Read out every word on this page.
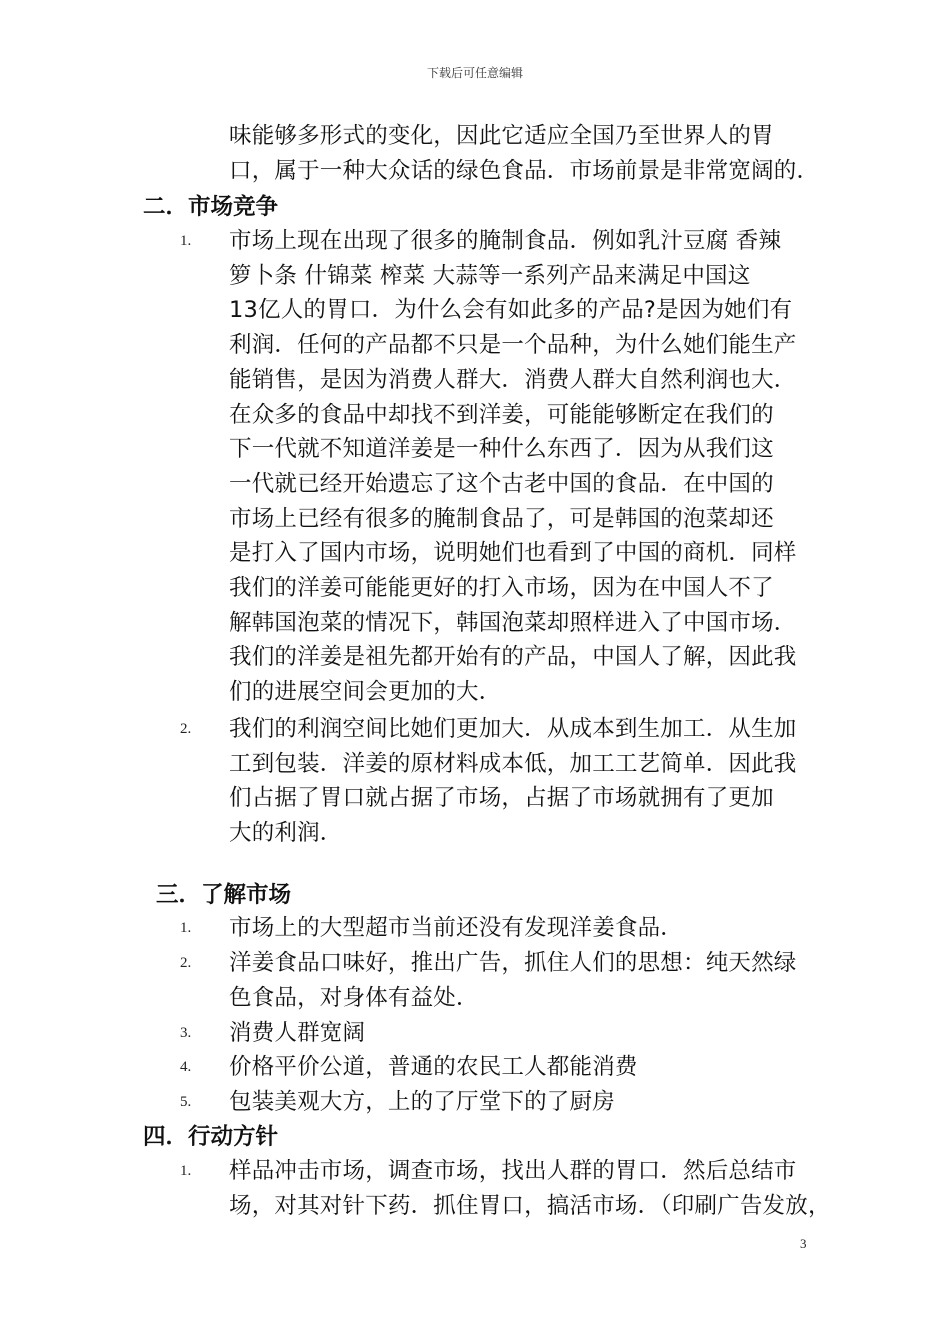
下载后可任意编辑
味能够多形式的变化，因此它适应全国乃至世界人的胃
口，属于一种大众话的绿色食品．市场前景是非常宽阔的．
二．市场竞争
1. 市场上现在出现了很多的腌制食品．例如乳汁豆腐 香辣
箩卜条 什锦菜 榨菜 大蒜等一系列产品来满足中国这
13亿人的胃口．为什么会有如此多的产品?是因为她们有
利润．任何的产品都不只是一个品种，为什么她们能生产
能销售，是因为消费人群大．消费人群大自然利润也大．
在众多的食品中却找不到洋姜，可能能够断定在我们的
下一代就不知道洋姜是一种什么东西了．因为从我们这
一代就已经开始遗忘了这个古老中国的食品．在中国的
市场上已经有很多的腌制食品了，可是韩国的泡菜却还
是打入了国内市场，说明她们也看到了中国的商机．同样
我们的洋姜可能能更好的打入市场，因为在中国人不了
解韩国泡菜的情况下，韩国泡菜却照样进入了中国市场．
我们的洋姜是祖先都开始有的产品，中国人了解，因此我
们的进展空间会更加的大．
2. 我们的利润空间比她们更加大．从成本到生加工．从生加
工到包装．洋姜的原材料成本低，加工工艺简单．因此我
们占据了胃口就占据了市场，占据了市场就拥有了更加
大的利润．
三．了解市场
1. 市场上的大型超市当前还没有发现洋姜食品．
2. 洋姜食品口味好，推出广告，抓住人们的思想：纯天然绿
色食品，对身体有益处．
3. 消费人群宽阔
4. 价格平价公道，普通的农民工人都能消费
5. 包装美观大方，上的了厅堂下的了厨房
四．行动方针
1. 样品冲击市场，调查市场，找出人群的胃口．然后总结市
场，对其对针下药．抓住胃口，搞活市场．（印刷广告发放，
3
